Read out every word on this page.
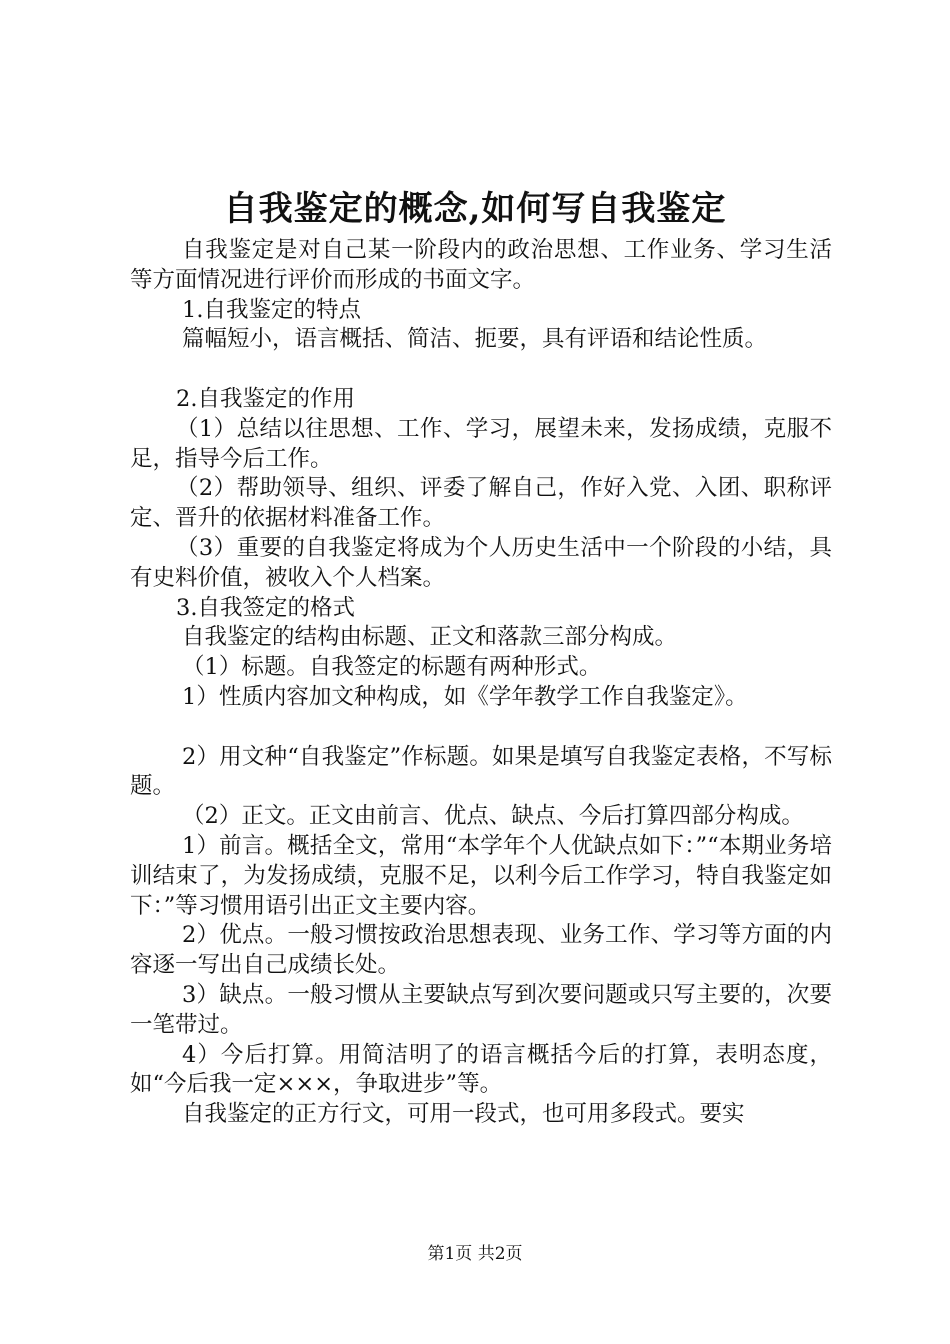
自我鉴定的概念,如何写自我鉴定

自我鉴定是对自己某一阶段内的政治思想、工作业务、学习生活等方面情况进行评价而形成的书面文字。

1.自我鉴定的特点

篇幅短小，语言概括、简洁、扼要，具有评语和结论性质。

2.自我鉴定的作用

（1）总结以往思想、工作、学习，展望未来，发扬成绩，克服不足，指导今后工作。

（2）帮助领导、组织、评委了解自己，作好入党、入团、职称评定、晋升的依据材料准备工作。

（3）重要的自我鉴定将成为个人历史生活中一个阶段的小结，具有史料价值，被收入个人档案。

3.自我签定的格式

自我鉴定的结构由标题、正文和落款三部分构成。

（1）标题。自我签定的标题有两种形式。

1）性质内容加文种构成，如《学年教学工作自我鉴定》。

2）用文种“自我鉴定”作标题。如果是填写自我鉴定表格，不写标题。

（2）正文。正文由前言、优点、缺点、今后打算四部分构成。

1）前言。概括全文，常用“本学年个人优缺点如下：”“本期业务培训结束了，为发扬成绩，克服不足，以利今后工作学习，特自我鉴定如下：”等习惯用语引出正文主要内容。

2）优点。一般习惯按政治思想表现、业务工作、学习等方面的内容逐一写出自己成绩长处。

3）缺点。一般习惯从主要缺点写到次要问题或只写主要的，次要一笔带过。

4）今后打算。用简洁明了的语言概括今后的打算，表明态度，如“今后我一定×××，争取进步”等。

自我鉴定的正方行文，可用一段式，也可用多段式。要实

第1页 共2页
